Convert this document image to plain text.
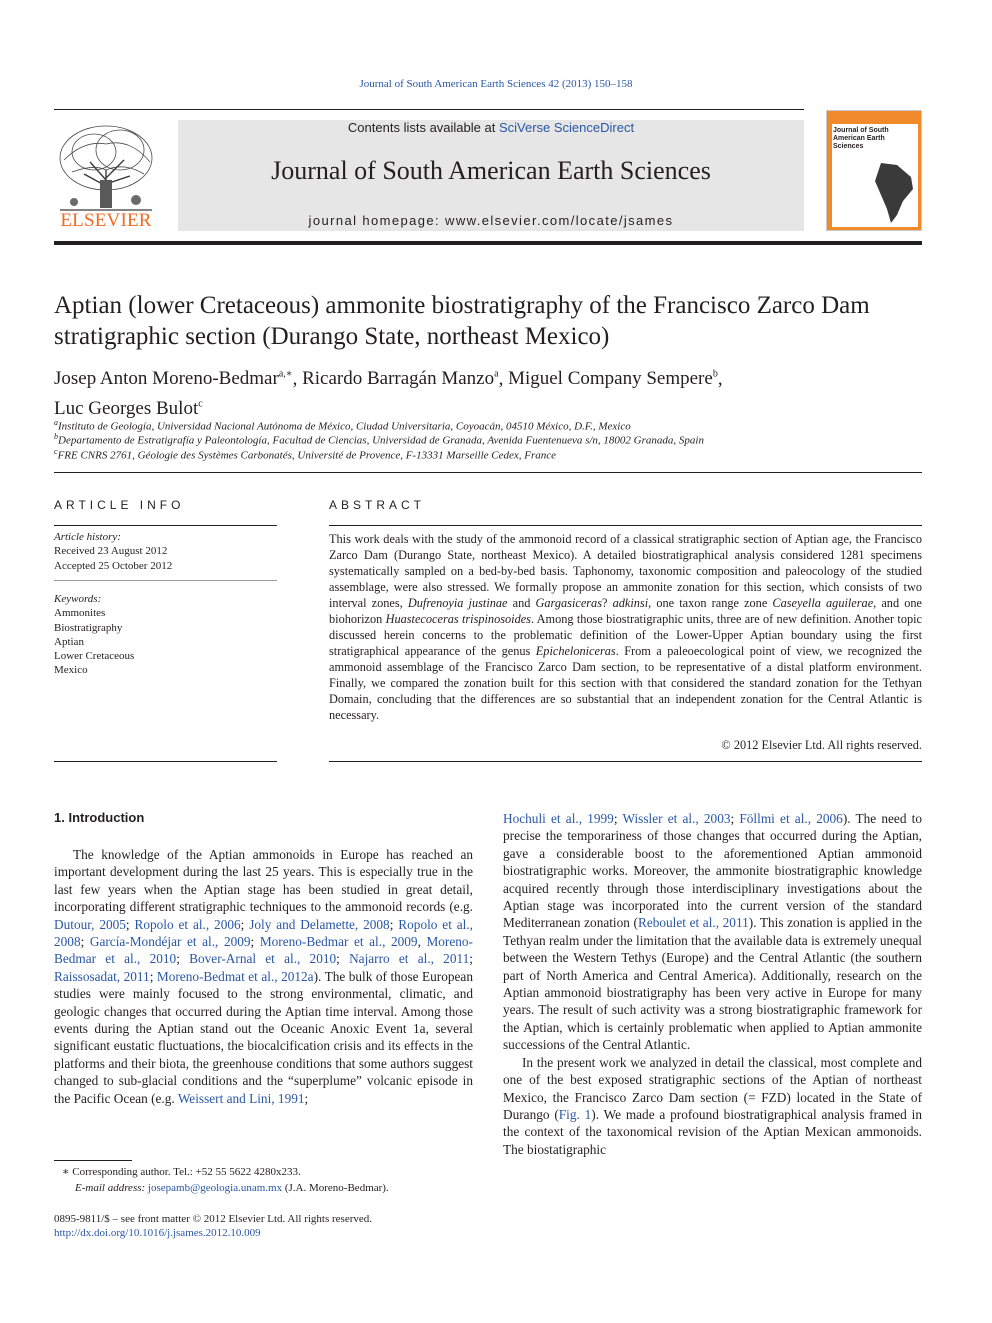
Journal of South American Earth Sciences 42 (2013) 150–158
ELSEVIER
Contents lists available at SciVerse ScienceDirect
Journal of South American Earth Sciences
journal homepage: www.elsevier.com/locate/jsames
Journal of South American Earth Sciences
Aptian (lower Cretaceous) ammonite biostratigraphy of the Francisco Zarco Dam stratigraphic section (Durango State, northeast Mexico)
Josep Anton Moreno-Bedmar$^{a,∗}$, Ricardo Barragán Manzo$^a$, Miguel Company Sempere$^b$,
Luc Georges Bulot$^c$
$^a$Instituto de Geología, Universidad Nacional Autónoma de México, Ciudad Universitaria, Coyoacán, 04510 México, D.F., Mexico
$^b$Departamento de Estratigrafía y Paleontología, Facultad de Ciencias, Universidad de Granada, Avenida Fuentenueva s/n, 18002 Granada, Spain
$^c$FRE CNRS 2761, Géologie des Systèmes Carbonatés, Université de Provence, F-13331 Marseille Cedex, France
ARTICLE INFO
Article history:
Received 23 August 2012
Accepted 25 October 2012
Keywords:
Ammonites
Biostratigraphy
Aptian
Lower Cretaceous
Mexico
ABSTRACT
This work deals with the study of the ammonoid record of a classical stratigraphic section of Aptian age, the Francisco Zarco Dam (Durango State, northeast Mexico). A detailed biostratigraphical analysis considered 1281 specimens systematically sampled on a bed-by-bed basis. Taphonomy, taxonomic composition and paleocology of the studied assemblage, were also stressed. We formally propose an ammonite zonation for this section, which consists of two interval zones, Dufrenoyia justinae and Gargasiceras? adkinsi, one taxon range zone Caseyella aguilerae, and one biohorizon Huastecoceras trispinosoides. Among those biostratigraphic units, three are of new definition. Another topic discussed herein concerns to the problematic definition of the Lower-Upper Aptian boundary using the first stratigraphical appearance of the genus Epicheloniceras. From a paleoecological point of view, we recognized the ammonoid assemblage of the Francisco Zarco Dam section, to be representative of a distal platform environment. Finally, we compared the zonation built for this section with that considered the standard zonation for the Tethyan Domain, concluding that the differences are so substantial that an independent zonation for the Central Atlantic is necessary.
© 2012 Elsevier Ltd. All rights reserved.
1. Introduction

The knowledge of the Aptian ammonoids in Europe has reached an important development during the last 25 years. This is especially true in the last few years when the Aptian stage has been studied in great detail, incorporating different stratigraphic techniques to the ammonoid records (e.g. Dutour, 2005; Ropolo et al., 2006; Joly and Delamette, 2008; Ropolo et al., 2008; García-Mondéjar et al., 2009; Moreno-Bedmar et al., 2009, Moreno-Bedmar et al., 2010; Bover-Arnal et al., 2010; Najarro et al., 2011; Raissosadat, 2011; Moreno-Bedmat et al., 2012a). The bulk of those European studies were mainly focused to the strong environmental, climatic, and geologic changes that occurred during the Aptian time interval. Among those events during the Aptian stand out the Oceanic Anoxic Event 1a, several significant eustatic fluctuations, the biocalcification crisis and its effects in the platforms and their biota, the greenhouse conditions that some authors suggest changed to sub-glacial conditions and the “superplume” volcanic episode in the Pacific Ocean (e.g. Weissert and Lini, 1991;

Hochuli et al., 1999; Wissler et al., 2003; Föllmi et al., 2006). The need to precise the temporariness of those changes that occurred during the Aptian, gave a considerable boost to the aforementioned Aptian ammonoid biostratigraphic works. Moreover, the ammonite biostratigraphic knowledge acquired recently through those interdisciplinary investigations about the Aptian stage was incorporated into the current version of the standard Mediterranean zonation (Reboulet et al., 2011). This zonation is applied in the Tethyan realm under the limitation that the available data is extremely unequal between the Western Tethys (Europe) and the Central Atlantic (the southern part of North America and Central America). Additionally, research on the Aptian ammonoid biostratigraphy has been very active in Europe for many years. The result of such activity was a strong biostratigraphic framework for the Aptian, which is certainly problematic when applied to Aptian ammonite successions of the Central Atlantic.

In the present work we analyzed in detail the classical, most complete and one of the best exposed stratigraphic sections of the Aptian of northeast Mexico, the Francisco Zarco Dam section (= FZD) located in the State of Durango (Fig. 1). We made a profound biostratigraphical analysis framed in the context of the taxonomical revision of the Aptian Mexican ammonoids. The biostatigraphic

∗ Corresponding author. Tel.: +52 55 5622 4280x233.
E-mail address: josepamb@geologia.unam.mx (J.A. Moreno-Bedmar).
0895-9811/$ – see front matter © 2012 Elsevier Ltd. All rights reserved.
http://dx.doi.org/10.1016/j.jsames.2012.10.009
